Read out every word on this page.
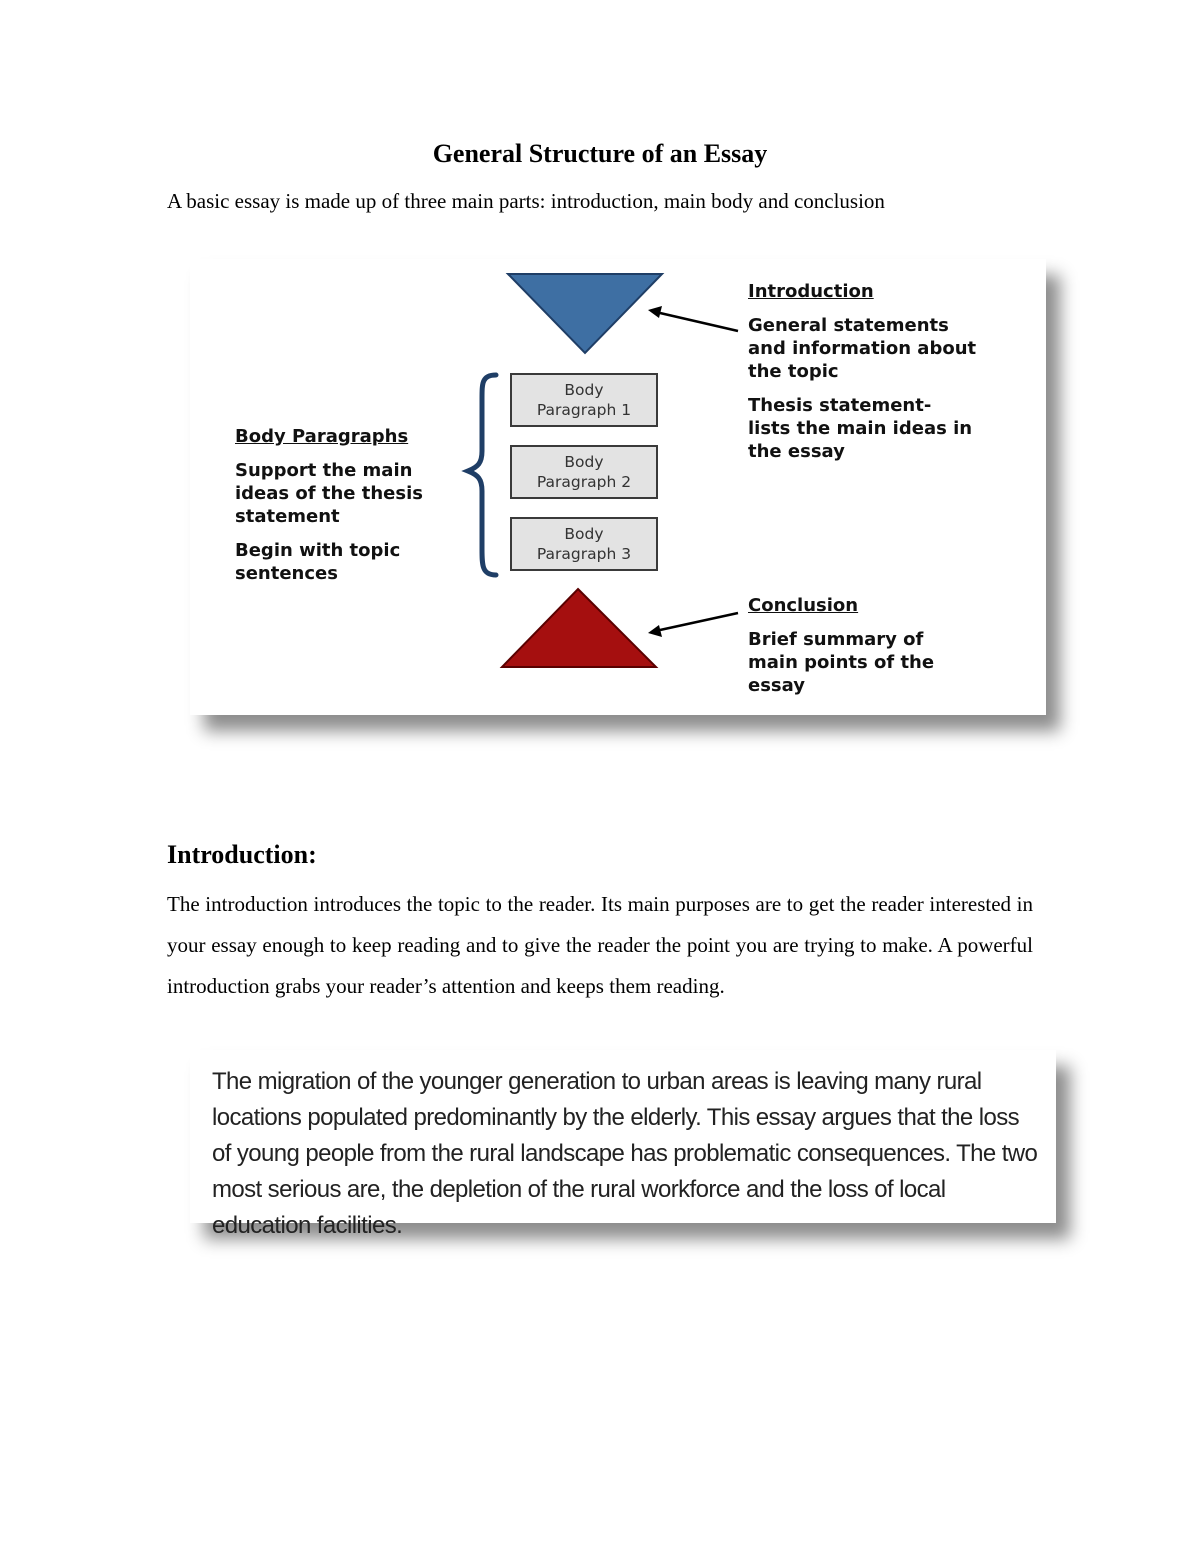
General Structure of an Essay

A basic essay is made up of three main parts: introduction, main body and conclusion

Body Paragraph 1
Body Paragraph 2
Body Paragraph 3

Introduction

General statements and information about the topic

Thesis statement- lists the main ideas in the essay

Body Paragraphs

Support the main ideas of the thesis statement

Begin with topic sentences

Conclusion

Brief summary of main points of the essay

Introduction:

The introduction introduces the topic to the reader. Its main purposes are to get the reader interested in your essay enough to keep reading and to give the reader the point you are trying to make. A powerful introduction grabs your reader’s attention and keeps them reading.

The migration of the younger generation to urban areas is leaving many rural locations populated predominantly by the elderly. This essay argues that the loss of young people from the rural landscape has problematic consequences. The two most serious are, the depletion of the rural workforce and the loss of local education facilities.
